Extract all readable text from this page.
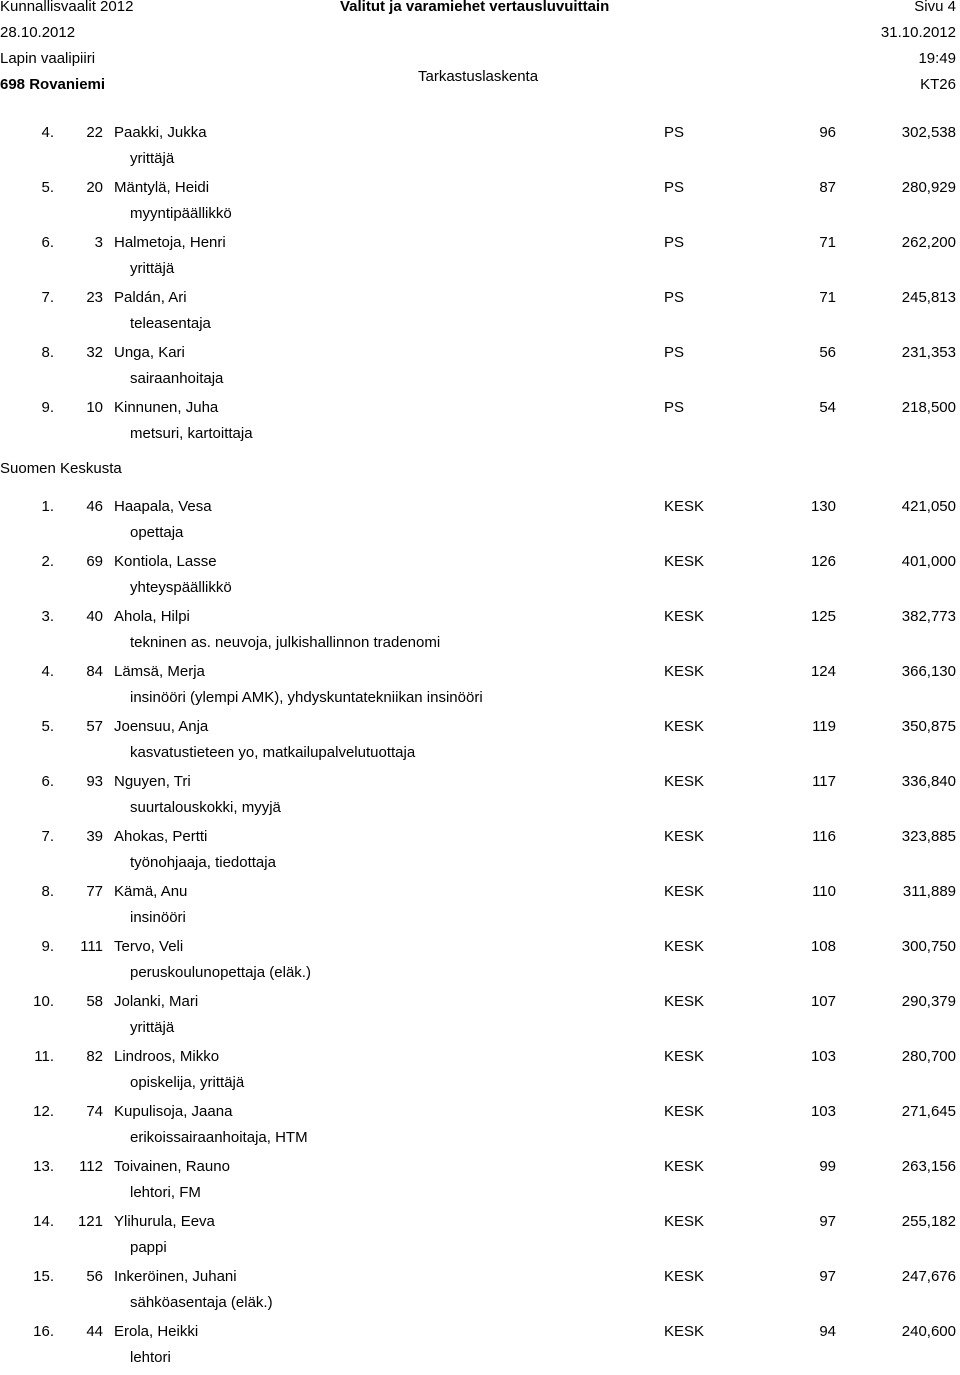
Kunnallisvaalit 2012
28.10.2012
Lapin vaalipiiri
698 Rovaniemi
Valitut ja varamiehet vertausluvuittain
Tarkastuslaskenta
Sivu 4
31.10.2012
19:49
KT26
4. 22 Paakki, Jukka	PS	96	302,538
yrittäjä
5. 20 Mäntylä, Heidi	PS	87	280,929
myyntipäällikkö
6.	3 Halmetoja, Henri	PS	71	262,200
yrittäjä
7. 23 Paldán, Ari	PS	71	245,813
teleasentaja
8. 32 Unga, Kari	PS	56	231,353
sairaanhoitaja
9. 10 Kinnunen, Juha	PS	54	218,500
metsuri, kartoittaja
Suomen Keskusta
1. 46 Haapala, Vesa	KESK	130	421,050
opettaja
2. 69 Kontiola, Lasse	KESK	126	401,000
yhteyspäällikkö
3. 40 Ahola, Hilpi	KESK	125	382,773
tekninen as. neuvoja, julkishallinnon tradenomi
4. 84 Lämsä, Merja	KESK	124	366,130
insinööri (ylempi AMK), yhdyskuntatekniikan insinööri
5. 57 Joensuu, Anja	KESK	119	350,875
kasvatustieteen yo, matkailupalvelutuottaja
6. 93 Nguyen, Tri	KESK	117	336,840
suurtalouskokki, myyjä
7. 39 Ahokas, Pertti	KESK	116	323,885
työnohjaaja, tiedottaja
8. 77 Kämä, Anu	KESK	110	311,889
insinööri
9. 111 Tervo, Veli	KESK	108	300,750
peruskoulunopettaja (eläk.)
10. 58 Jolanki, Mari	KESK	107	290,379
yrittäjä
11. 82 Lindroos, Mikko	KESK	103	280,700
opiskelija, yrittäjä
12. 74 Kupulisoja, Jaana	KESK	103	271,645
erikoissairaanhoitaja, HTM
13. 112 Toivainen, Rauno	KESK	99	263,156
lehtori, FM
14. 121 Ylihurula, Eeva	KESK	97	255,182
pappi
15. 56 Inkeröinen, Juhani	KESK	97	247,676
sähköasentaja (eläk.)
16. 44 Erola, Heikki	KESK	94	240,600
lehtori
